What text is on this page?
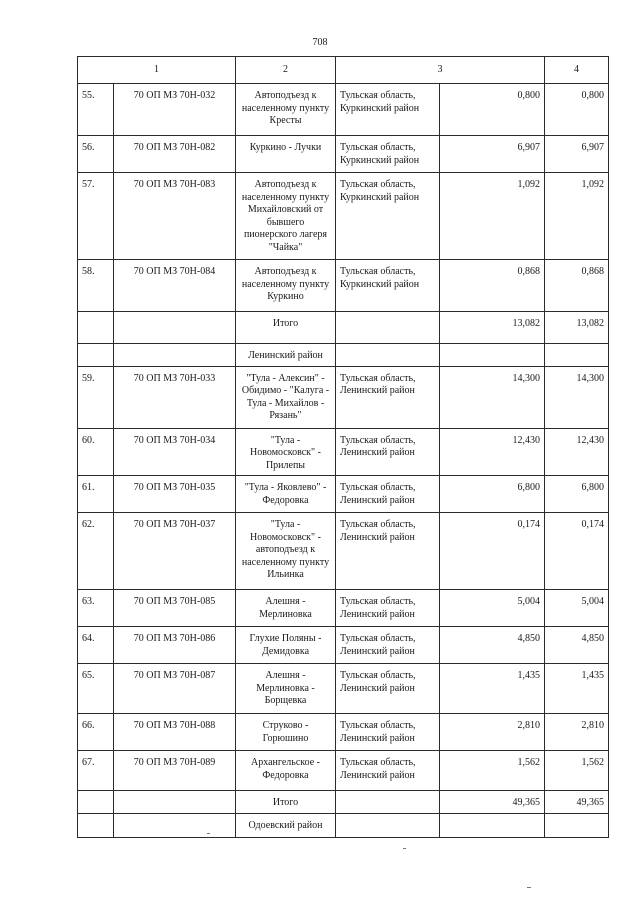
708
1		2	3		4
55.	70 ОП МЗ 70Н-032	Автоподъезд к населенному пункту Кресты	Тульская область, Куркинский район	0,800	0,800
56.	70 ОП МЗ 70Н-082	Куркино - Лучки	Тульская область, Куркинский район	6,907	6,907
57.	70 ОП МЗ 70Н-083	Автоподъезд к населенному пункту Михайловский от бывшего пионерского лагеря "Чайка"	Тульская область, Куркинский район	1,092	1,092
58.	70 ОП МЗ 70Н-084	Автоподъезд к населенному пункту Куркино	Тульская область, Куркинский район	0,868	0,868
		Итого		13,082	13,082
		Ленинский район			
59.	70 ОП МЗ 70Н-033	"Тула - Алексин" - Обидимо - "Калуга - Тула - Михайлов - Рязань"	Тульская область, Ленинский район	14,300	14,300
60.	70 ОП МЗ 70Н-034	"Тула - Новомосковск" - Прилепы	Тульская область, Ленинский район	12,430	12,430
61.	70 ОП МЗ 70Н-035	"Тула - Яковлево" - Федоровка	Тульская область, Ленинский район	6,800	6,800
62.	70 ОП МЗ 70Н-037	"Тула - Новомосковск" - автоподъезд к населенному пункту Ильинка	Тульская область, Ленинский район	0,174	0,174
63.	70 ОП МЗ 70Н-085	Алешня - Мерлиновка	Тульская область, Ленинский район	5,004	5,004
64.	70 ОП МЗ 70Н-086	Глухие Поляны - Демидовка	Тульская область, Ленинский район	4,850	4,850
65.	70 ОП МЗ 70Н-087	Алешня - Мерлиновка - Борщевка	Тульская область, Ленинский район	1,435	1,435
66.	70 ОП МЗ 70Н-088	Струково - Горюшино	Тульская область, Ленинский район	2,810	2,810
67.	70 ОП МЗ 70Н-089	Архангельское - Федоровка	Тульская область, Ленинский район	1,562	1,562
		Итого		49,365	49,365
		Одоевский район			
